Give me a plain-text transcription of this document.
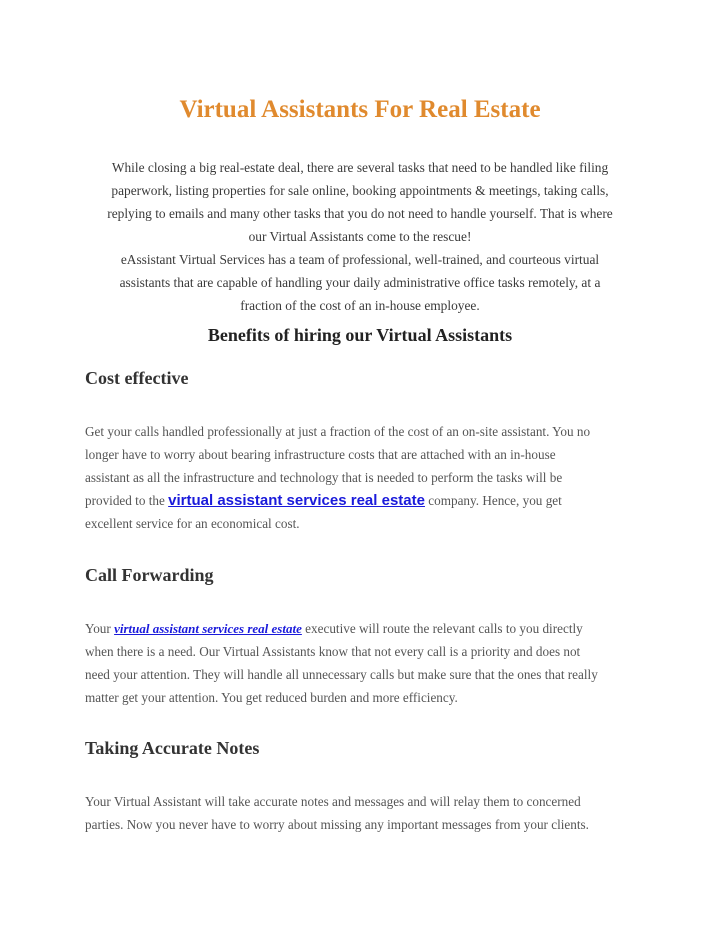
Virtual Assistants For Real Estate

While closing a big real-estate deal, there are several tasks that need to be handled like filing

paperwork, listing properties for sale online, booking appointments & meetings, taking calls,

replying to emails and many other tasks that you do not need to handle yourself. That is where

our Virtual Assistants come to the rescue!

eAssistant Virtual Services has a team of professional, well-trained, and courteous virtual

assistants that are capable of handling your daily administrative office tasks remotely, at a

fraction of the cost of an in-house employee.

Benefits of hiring our Virtual Assistants
Cost effective
Get your calls handled professionally at just a fraction of the cost of an on-site assistant. You no
longer have to worry about bearing infrastructure costs that are attached with an in-house
assistant as all the infrastructure and technology that is needed to perform the tasks will be
provided to the virtual assistant services real estate company. Hence, you get
excellent service for an economical cost.
Call Forwarding
Your virtual assistant services real estate executive will route the relevant calls to you directly
when there is a need. Our Virtual Assistants know that not every call is a priority and does not
need your attention. They will handle all unnecessary calls but make sure that the ones that really
matter get your attention. You get reduced burden and more efficiency.
Taking Accurate Notes
Your Virtual Assistant will take accurate notes and messages and will relay them to concerned
parties. Now you never have to worry about missing any important messages from your clients.
